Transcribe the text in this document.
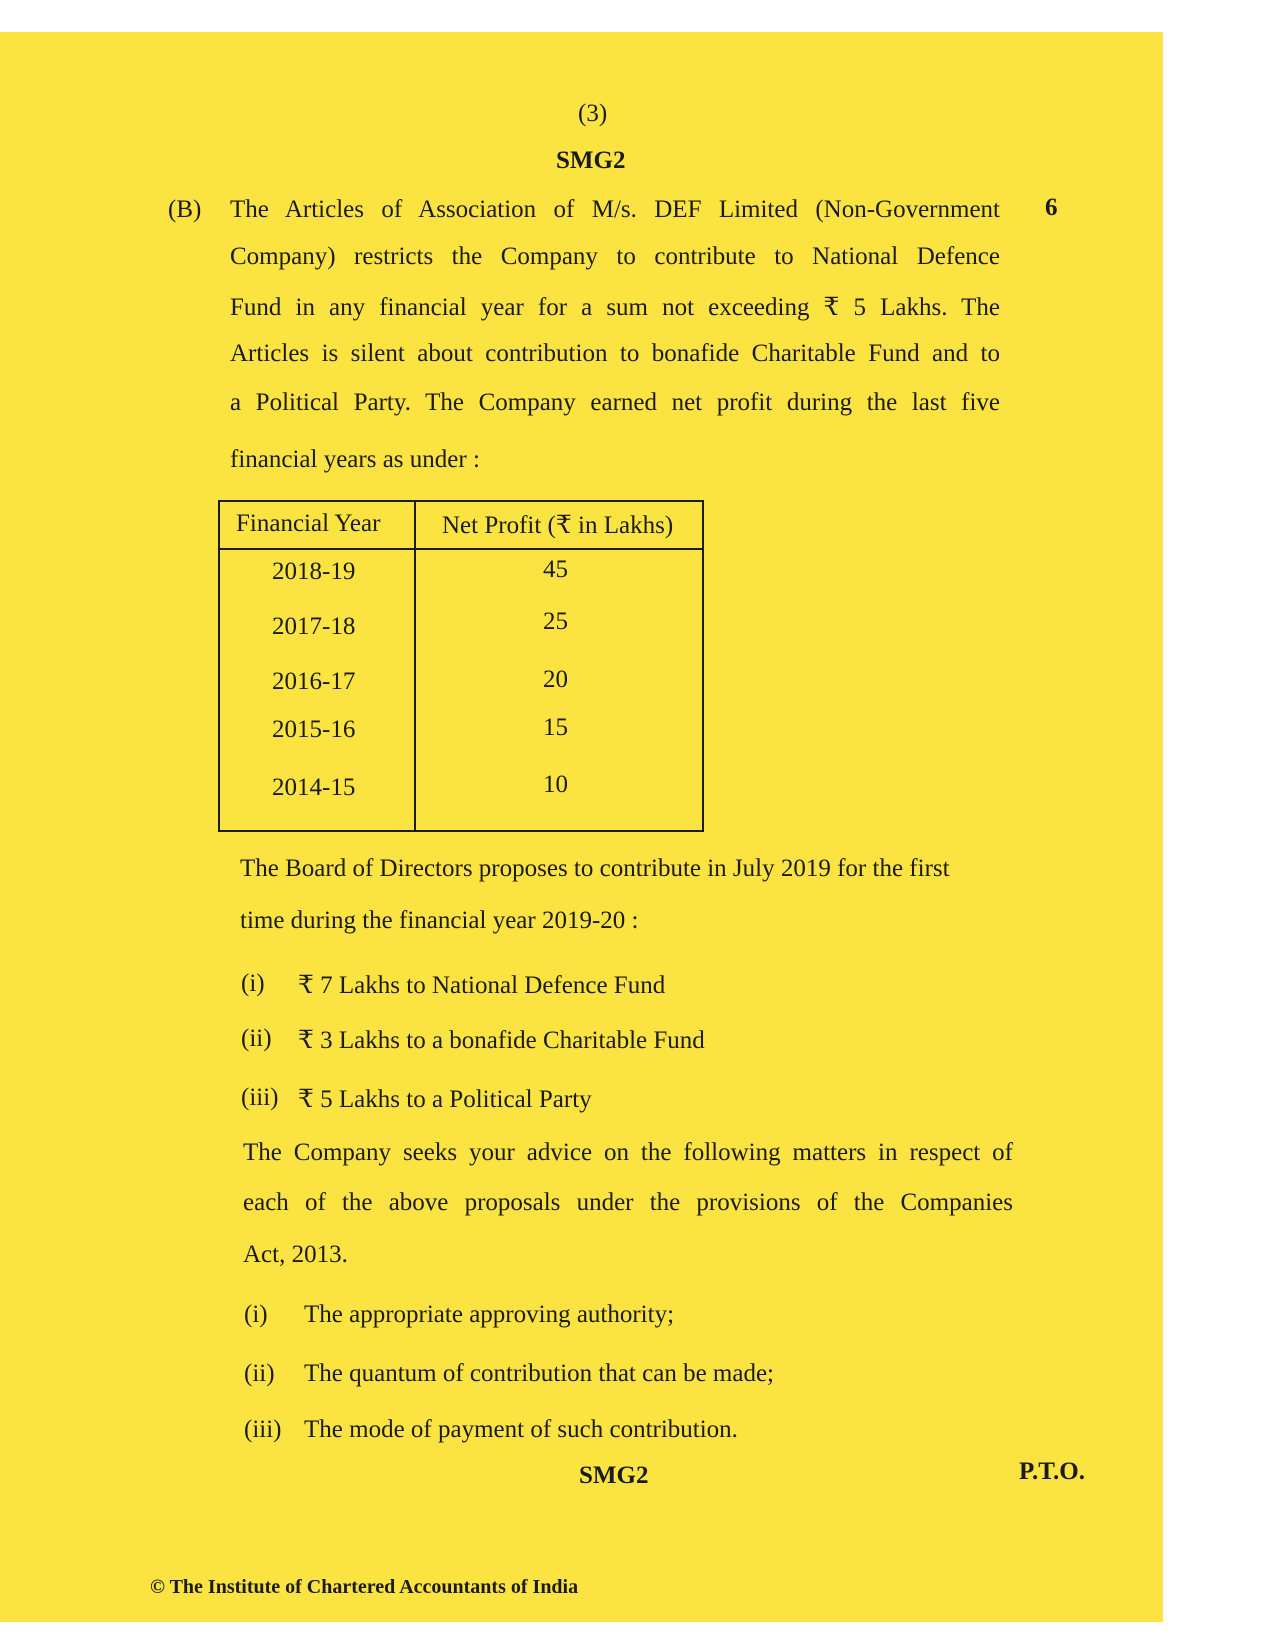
(3)
SMG2
(B)	6
The Articles of Association of M/s. DEF Limited (Non-Government
Company) restricts the Company to contribute to National Defence
Fund in any financial year for a sum not exceeding ₹ 5 Lakhs. The
Articles is silent about contribution to bonafide Charitable Fund and to
a Political Party. The Company earned net profit during the last five
financial years as under :
Financial Year Net Profit (₹ in Lakhs)
2018-19	45
2017-18	25
2016-17	20
2015-16	15
2014-15	10
The Board of Directors proposes to contribute in July 2019 for the first
time during the financial year 2019-20 :
(i) ₹ 7 Lakhs to National Defence Fund
(ii) ₹ 3 Lakhs to a bonafide Charitable Fund
(iii) ₹ 5 Lakhs to a Political Party
The Company seeks your advice on the following matters in respect of
each of the above proposals under the provisions of the Companies
Act, 2013.
(i) The appropriate approving authority;
(ii) The quantum of contribution that can be made;
(iii) The mode of payment of such contribution.
SMG2	P.T.O.
© The Institute of Chartered Accountants of India
